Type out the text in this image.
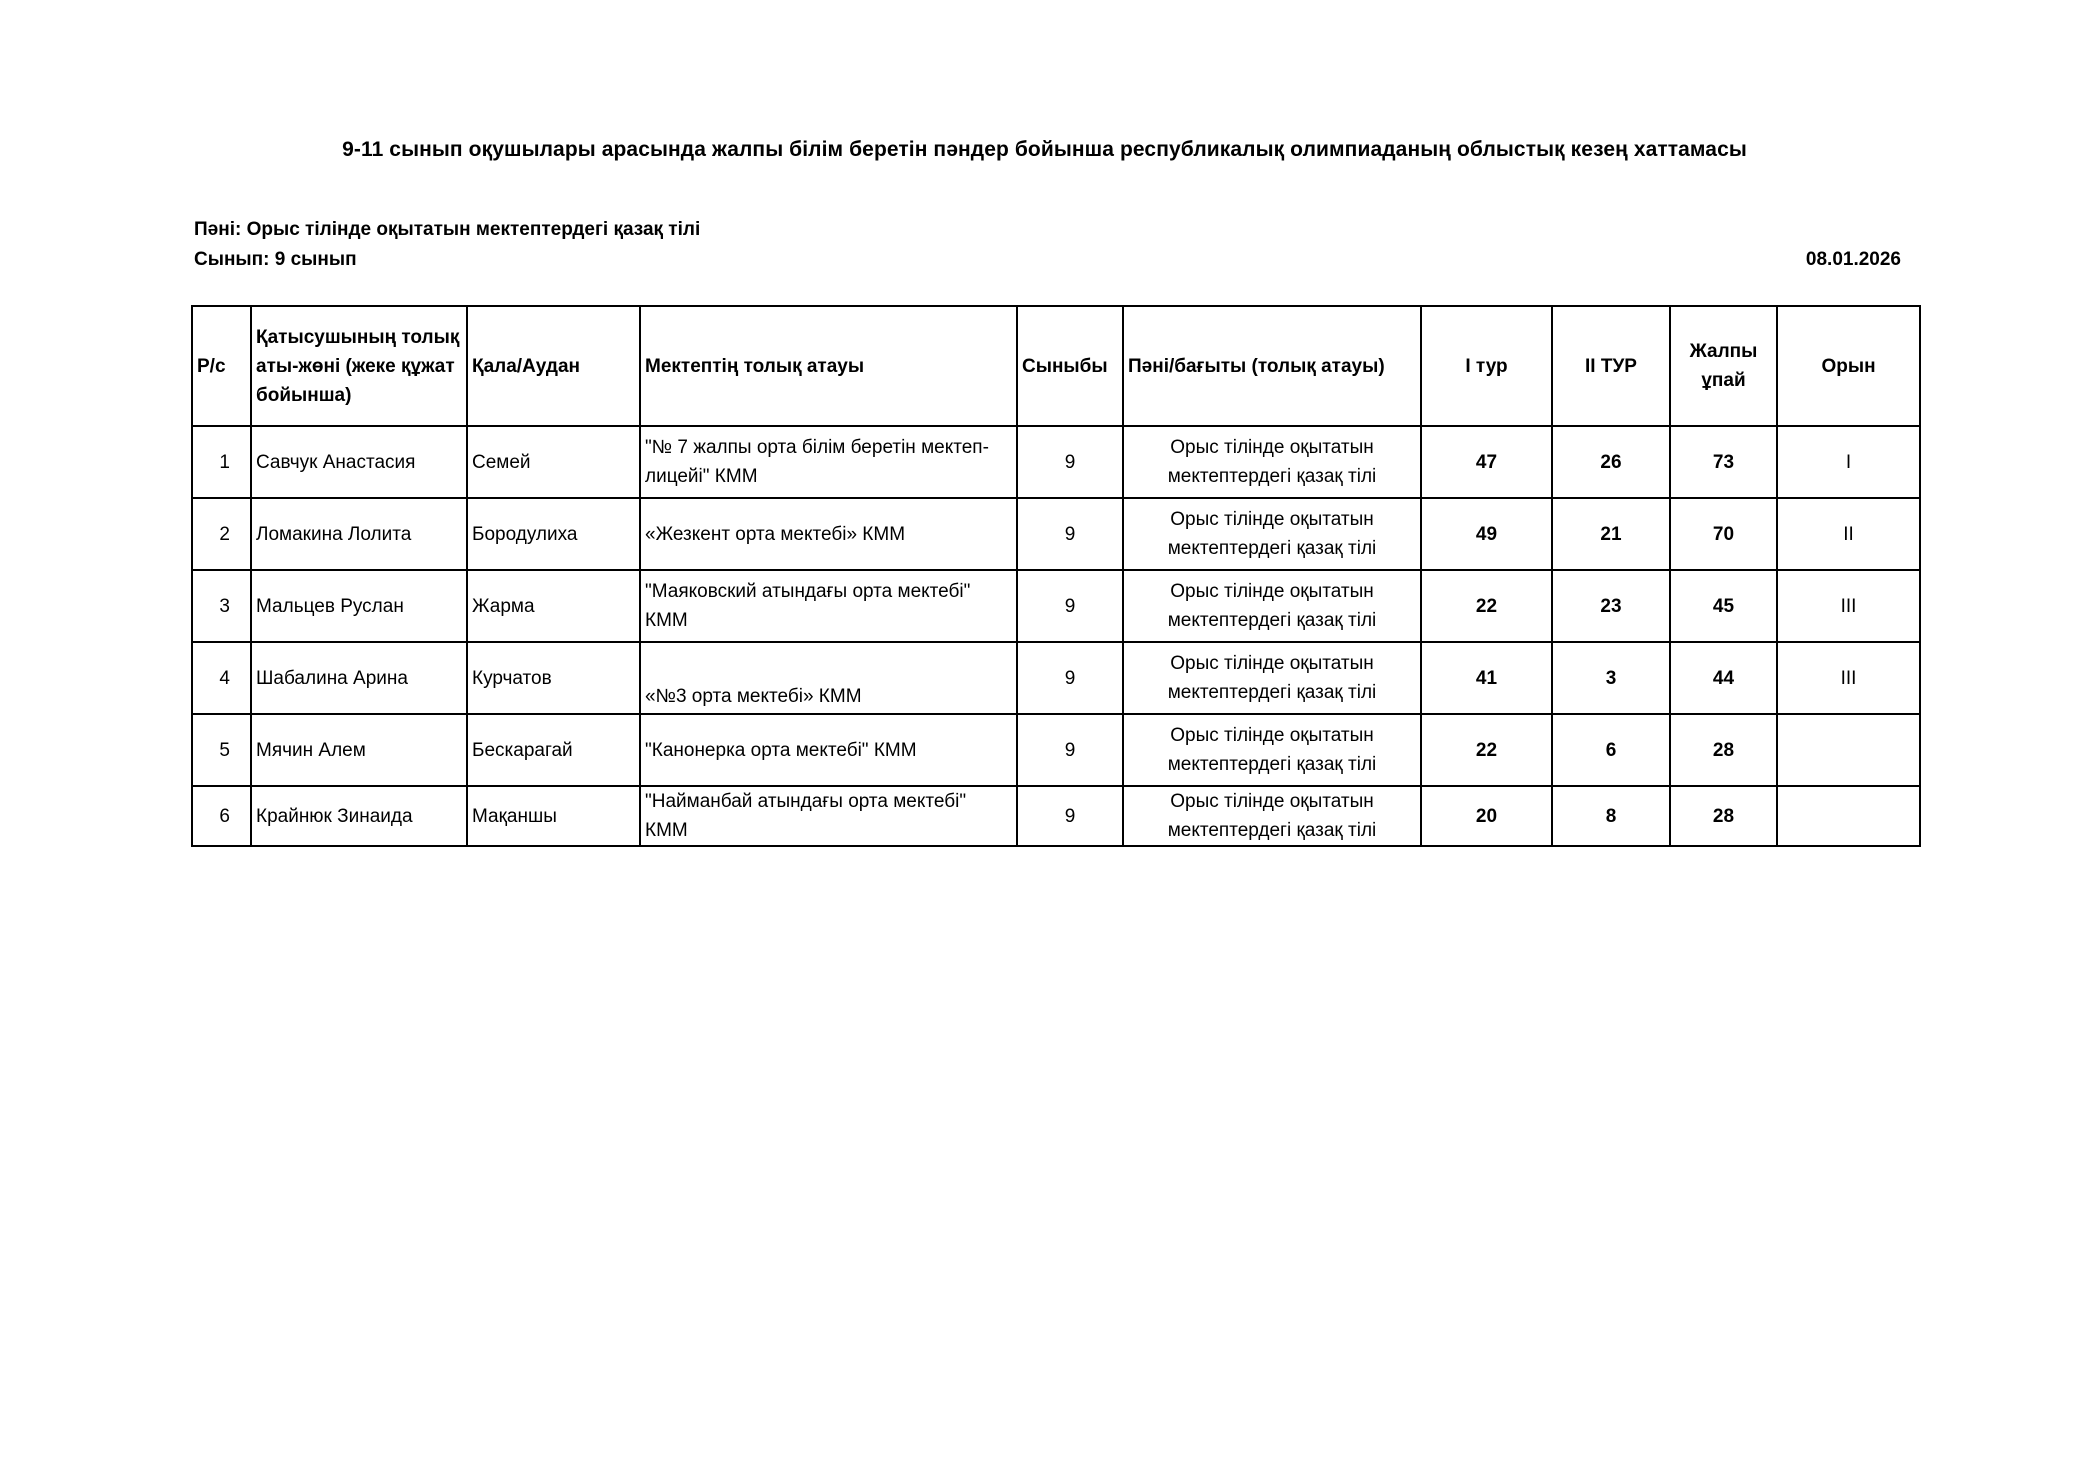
9-11 сынып оқушылары арасында жалпы білім беретін пәндер бойынша республикалық олимпиаданың облыстық кезең хаттамасы
Пәні: Орыс тілінде оқытатын мектептердегі қазақ тілі
Сынып: 9 сынып	08.01.2026
Р/с	Қатысушының толық аты-жөні (жеке құжат бойынша)	Қала/Аудан	Мектептің толық атауы	Сыныбы	Пәні/бағыты (толық атауы)	I тур	II ТУР	Жалпы ұпай	Орын
1	Савчук Анастасия	Семей	"№ 7 жалпы орта білім беретін мектеп-лицейі" КММ	9	Орыс тілінде оқытатын мектептердегі қазақ тілі	47	26	73	I
2	Ломакина Лолита	Бородулиха	«Жезкент орта мектебі» КММ	9	Орыс тілінде оқытатын мектептердегі қазақ тілі	49	21	70	II
3	Мальцев Руслан	Жарма	"Маяковский атындағы орта мектебі" КММ	9	Орыс тілінде оқытатын мектептердегі қазақ тілі	22	23	45	III
4	Шабалина Арина	Курчатов	«№3 орта мектебі» КММ	9	Орыс тілінде оқытатын мектептердегі қазақ тілі	41	3	44	III
5	Мячин Алем	Бескарагай	"Канонерка орта мектебі" КММ	9	Орыс тілінде оқытатын мектептердегі қазақ тілі	22	6	28	
6	Крайнюк Зинаида	Мақаншы	"Найманбай атындағы орта мектебі" КММ	9	Орыс тілінде оқытатын мектептердегі қазақ тілі	20	8	28	
